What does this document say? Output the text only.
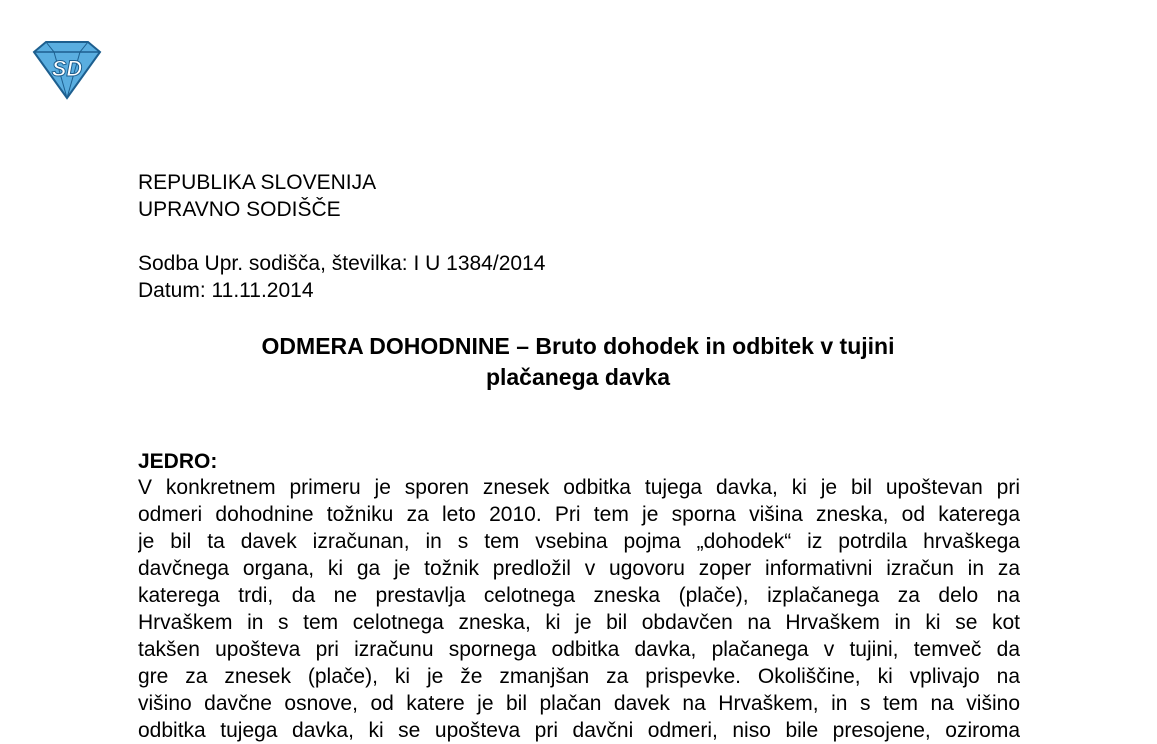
SD
REPUBLIKA SLOVENIJA
UPRAVNO SODIŠČE
Sodba Upr. sodišča, številka: I U 1384/2014
Datum: 11.11.2014
ODMERA DOHODNINE – Bruto dohodek in odbitek v tujini
plačanega davka
JEDRO:
V konkretnem primeru je sporen znesek odbitka tujega davka, ki je bil upoštevan pri
odmeri dohodnine tožniku za leto 2010. Pri tem je sporna višina zneska, od katerega
je bil ta davek izračunan, in s tem vsebina pojma „dohodek“ iz potrdila hrvaškega
davčnega organa, ki ga je tožnik predložil v ugovoru zoper informativni izračun in za
katerega trdi, da ne prestavlja celotnega zneska (plače), izplačanega za delo na
Hrvaškem in s tem celotnega zneska, ki je bil obdavčen na Hrvaškem in ki se kot
takšen upošteva pri izračunu spornega odbitka davka, plačanega v tujini, temveč da
gre za znesek (plače), ki je že zmanjšan za prispevke. Okoliščine, ki vplivajo na
višino davčne osnove, od katere je bil plačan davek na Hrvaškem, in s tem na višino
odbitka tujega davka, ki se upošteva pri davčni odmeri, niso bile presojene, oziroma
